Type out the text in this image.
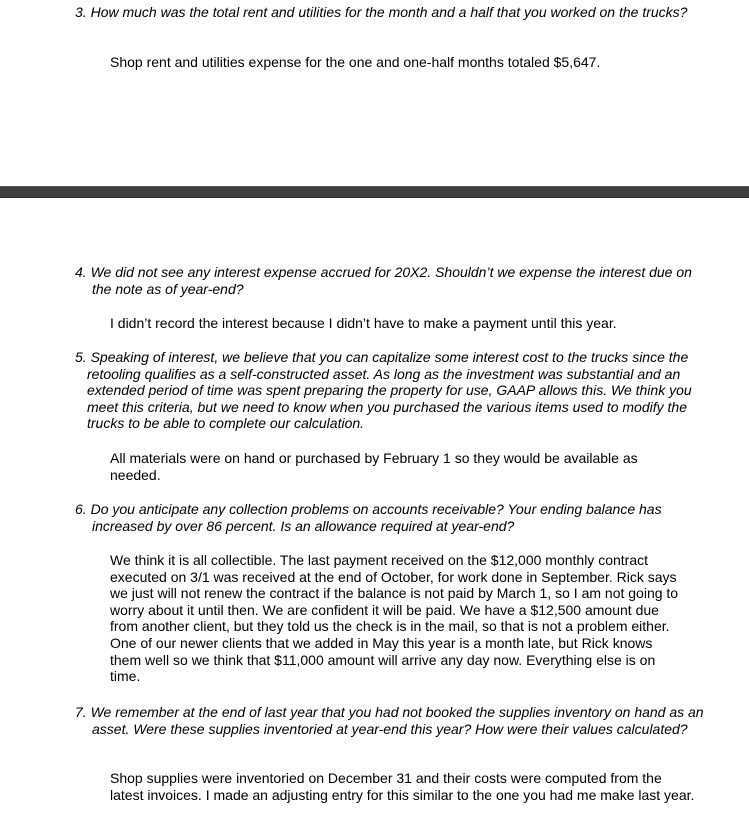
3. How much was the total rent and utilities for the month and a half that you worked on the trucks?

Shop rent and utilities expense for the one and one-half months totaled $5,647.

4. We did not see any interest expense accrued for 20X2. Shouldn’t we expense the interest due on the note as of year-end?

I didn’t record the interest because I didn’t have to make a payment until this year.

5. Speaking of interest, we believe that you can capitalize some interest cost to the trucks since the retooling qualifies as a self-constructed asset. As long as the investment was substantial and an extended period of time was spent preparing the property for use, GAAP allows this. We think you meet this criteria, but we need to know when you purchased the various items used to modify the trucks to be able to complete our calculation.

All materials were on hand or purchased by February 1 so they would be available as needed.

6. Do you anticipate any collection problems on accounts receivable? Your ending balance has increased by over 86 percent. Is an allowance required at year-end?

We think it is all collectible. The last payment received on the $12,000 monthly contract executed on 3/1 was received at the end of October, for work done in September. Rick says we just will not renew the contract if the balance is not paid by March 1, so I am not going to worry about it until then. We are confident it will be paid. We have a $12,500 amount due from another client, but they told us the check is in the mail, so that is not a problem either. One of our newer clients that we added in May this year is a month late, but Rick knows them well so we think that $11,000 amount will arrive any day now. Everything else is on time.

7. We remember at the end of last year that you had not booked the supplies inventory on hand as an asset. Were these supplies inventoried at year-end this year? How were their values calculated?

Shop supplies were inventoried on December 31 and their costs were computed from the latest invoices. I made an adjusting entry for this similar to the one you had me make last year.
